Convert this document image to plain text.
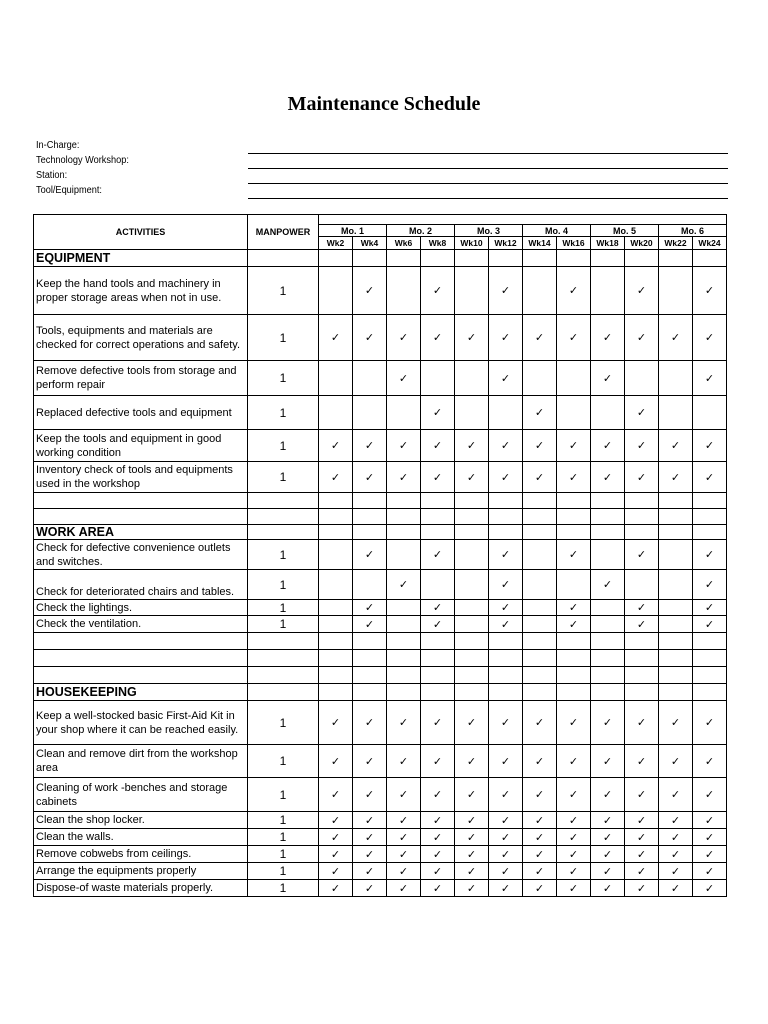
Maintenance Schedule
In-Charge:
Technology Workshop:
Station:
Tool/Equipment:
ACTIVITIES	MANPOWER												
		Mo. 1		Mo. 2		Mo. 3		Mo. 4		Mo. 5		Mo. 6	
		Wk2	Wk4	Wk6	Wk8	Wk10	Wk12	Wk14	Wk16	Wk18	Wk20	Wk22	Wk24
EQUIPMENT													
Keep the hand tools and machinery in proper storage areas when not in use.	1		✓		✓		✓		✓		✓		✓
Tools, equipments and materials are checked for correct operations and safety.	1	✓	✓	✓	✓	✓	✓	✓	✓	✓	✓	✓	✓
Remove defective tools from storage and perform repair	1			✓			✓			✓			✓
Replaced defective tools and equipment	1				✓			✓			✓		
Keep the tools and equipment in good working condition	1	✓	✓	✓	✓	✓	✓	✓	✓	✓	✓	✓	✓
Inventory check of tools and equipments used in the workshop	1	✓	✓	✓	✓	✓	✓	✓	✓	✓	✓	✓	✓

WORK AREA													
Check for defective convenience outlets and switches.	1		✓		✓		✓		✓		✓		✓
Check for deteriorated chairs and tables.	1			✓			✓			✓			✓
Check the lightings.	1		✓		✓		✓		✓		✓		✓
Check the ventilation.	1		✓		✓		✓		✓		✓		✓

HOUSEKEEPING													
Keep a well-stocked basic First-Aid Kit in your shop where it can be reached easily.	1	✓	✓	✓	✓	✓	✓	✓	✓	✓	✓	✓	✓
Clean and remove dirt from the workshop area	1	✓	✓	✓	✓	✓	✓	✓	✓	✓	✓	✓	✓
Cleaning of work -benches and storage cabinets	1	✓	✓	✓	✓	✓	✓	✓	✓	✓	✓	✓	✓
Clean the shop locker.	1	✓	✓	✓	✓	✓	✓	✓	✓	✓	✓	✓	✓
Clean the walls.	1	✓	✓	✓	✓	✓	✓	✓	✓	✓	✓	✓	✓
Remove cobwebs from ceilings.	1	✓	✓	✓	✓	✓	✓	✓	✓	✓	✓	✓	✓
Arrange the equipments properly	1	✓	✓	✓	✓	✓	✓	✓	✓	✓	✓	✓	✓
Dispose-of waste materials properly.	1	✓	✓	✓	✓	✓	✓	✓	✓	✓	✓	✓	✓
